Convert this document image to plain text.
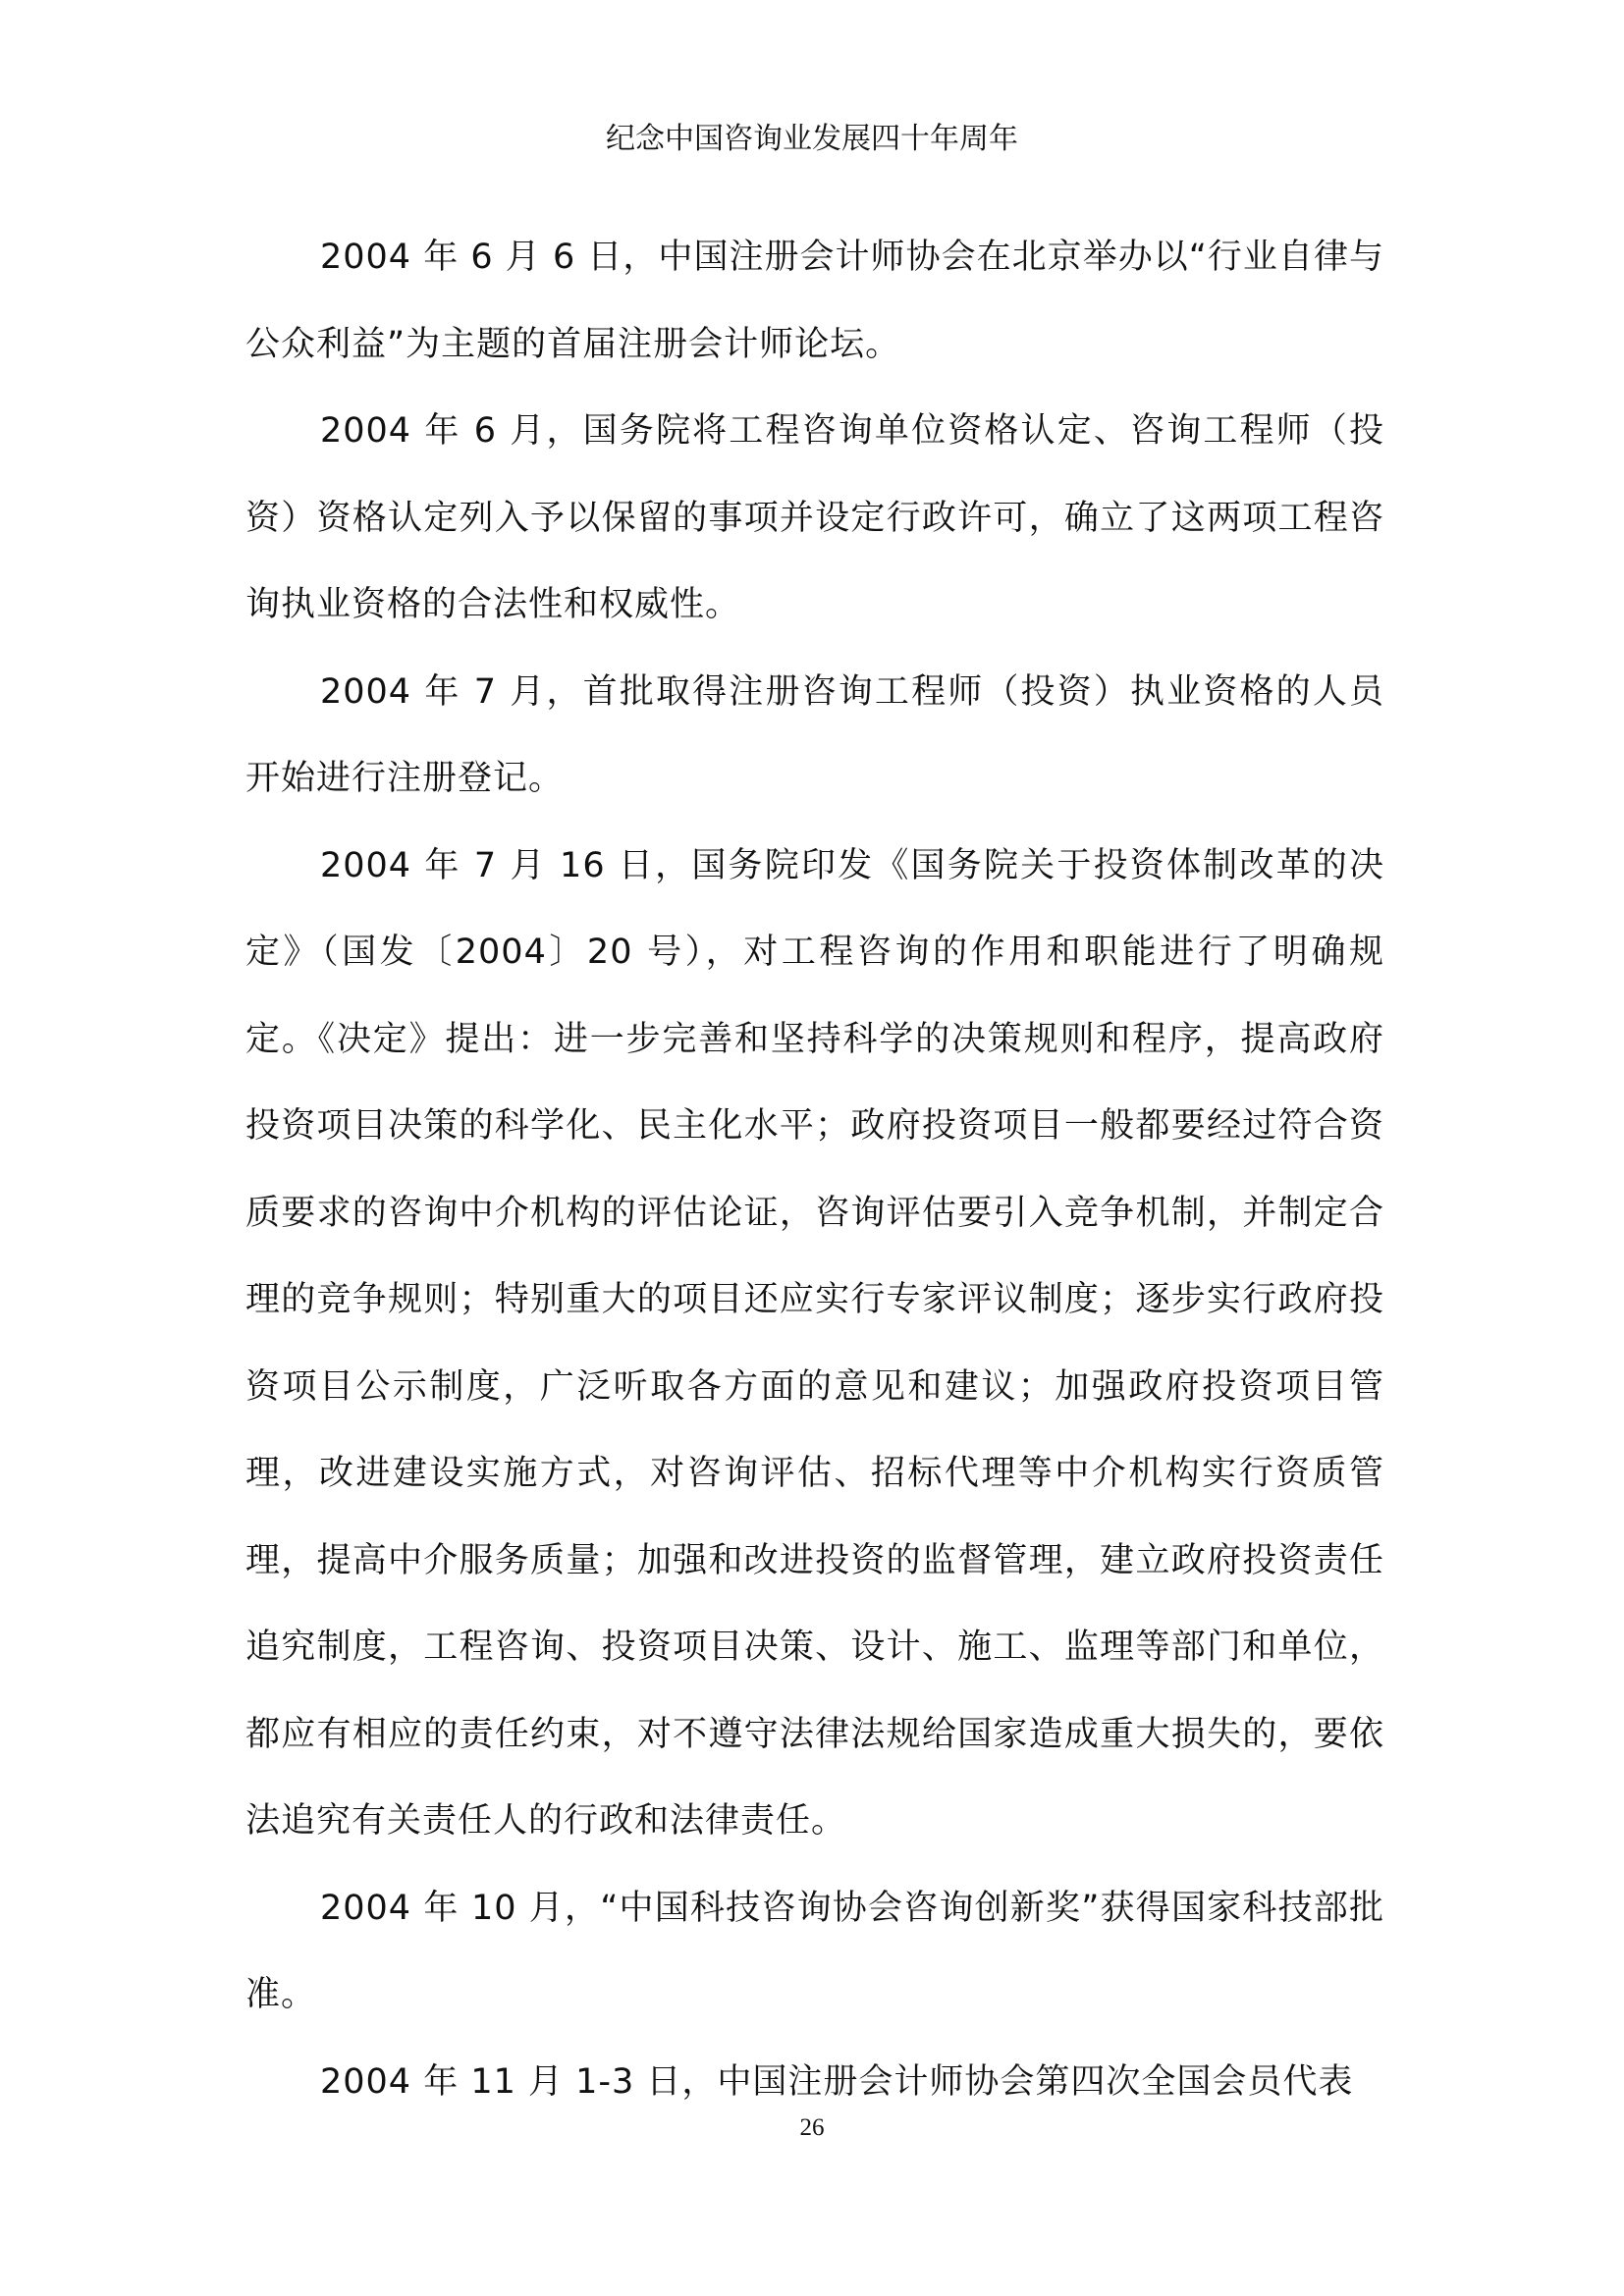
纪念中国咨询业发展四十年周年

2004 年 6 月 6 日，中国注册会计师协会在北京举办以“行业自律与公众利益”为主题的首届注册会计师论坛。

2004 年 6 月，国务院将工程咨询单位资格认定、咨询工程师（投资）资格认定列入予以保留的事项并设定行政许可，确立了这两项工程咨询执业资格的合法性和权威性。

2004 年 7 月，首批取得注册咨询工程师（投资）执业资格的人员开始进行注册登记。

2004 年 7 月 16 日，国务院印发《国务院关于投资体制改革的决定》（国发〔2004〕20 号），对工程咨询的作用和职能进行了明确规定。《决定》提出：进一步完善和坚持科学的决策规则和程序，提高政府投资项目决策的科学化、民主化水平；政府投资项目一般都要经过符合资质要求的咨询中介机构的评估论证，咨询评估要引入竞争机制，并制定合理的竞争规则；特别重大的项目还应实行专家评议制度；逐步实行政府投资项目公示制度，广泛听取各方面的意见和建议；加强政府投资项目管理，改进建设实施方式，对咨询评估、招标代理等中介机构实行资质管理，提高中介服务质量；加强和改进投资的监督管理，建立政府投资责任追究制度，工程咨询、投资项目决策、设计、施工、监理等部门和单位，都应有相应的责任约束，对不遵守法律法规给国家造成重大损失的，要依法追究有关责任人的行政和法律责任。

2004 年 10 月，“中国科技咨询协会咨询创新奖”获得国家科技部批准。

2004 年 11 月 1-3 日，中国注册会计师协会第四次全国会员代表

26
